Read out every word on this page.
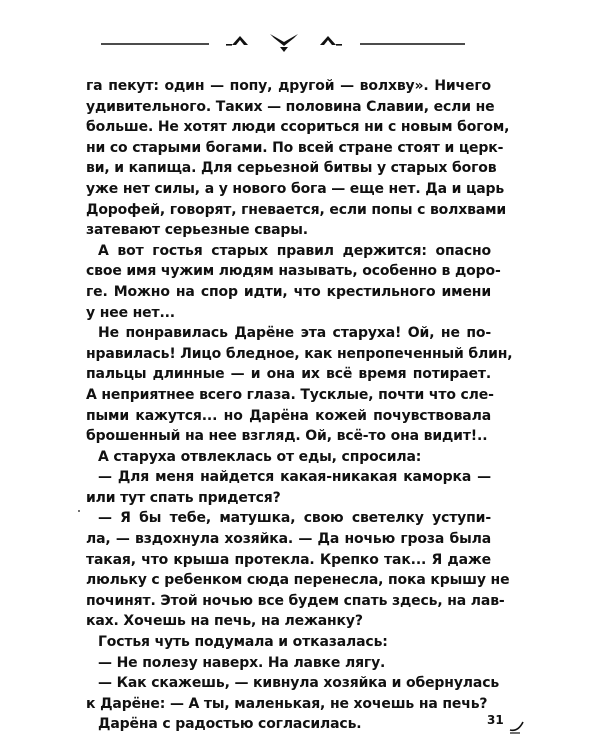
га пекут: один — попу, другой — волхву». Ничего
удивительного. Таких — половина Славии, если не
больше. Не хотят люди ссориться ни с новым богом,
ни со старыми богами. По всей стране стоят и церк-
ви, и капища. Для серьезной битвы у старых богов
уже нет силы, а у нового бога — еще нет. Да и царь
Дорофей, говорят, гневается, если попы с волхвами
затевают серьезные свары.
А вот гостья старых правил держится: опасно
свое имя чужим людям называть, особенно в доро-
ге. Можно на спор идти, что крестильного имени
у нее нет...
Не понравилась Дарёне эта старуха! Ой, не по-
нравилась! Лицо бледное, как непропеченный блин,
пальцы длинные — и она их всё время потирает.
А неприятнее всего глаза. Тусклые, почти что сле-
пыми кажутся... но Дарёна кожей почувствовала
брошенный на нее взгляд. Ой, всё-то она видит!..
А старуха отвлеклась от еды, спросила:
— Для меня найдется какая-никакая каморка —
или тут спать придется?
— Я бы тебе, матушка, свою светелку уступи-
ла, — вздохнула хозяйка. — Да ночью гроза была
такая, что крыша протекла. Крепко так... Я даже
люльку с ребенком сюда перенесла, пока крышу не
починят. Этой ночью все будем спать здесь, на лав-
ках. Хочешь на печь, на лежанку?
Гостья чуть подумала и отказалась:
— Не полезу наверх. На лавке лягу.
— Как скажешь, — кивнула хозяйка и обернулась
к Дарёне: — А ты, маленькая, не хочешь на печь?
Дарёна с радостью согласилась.	31
